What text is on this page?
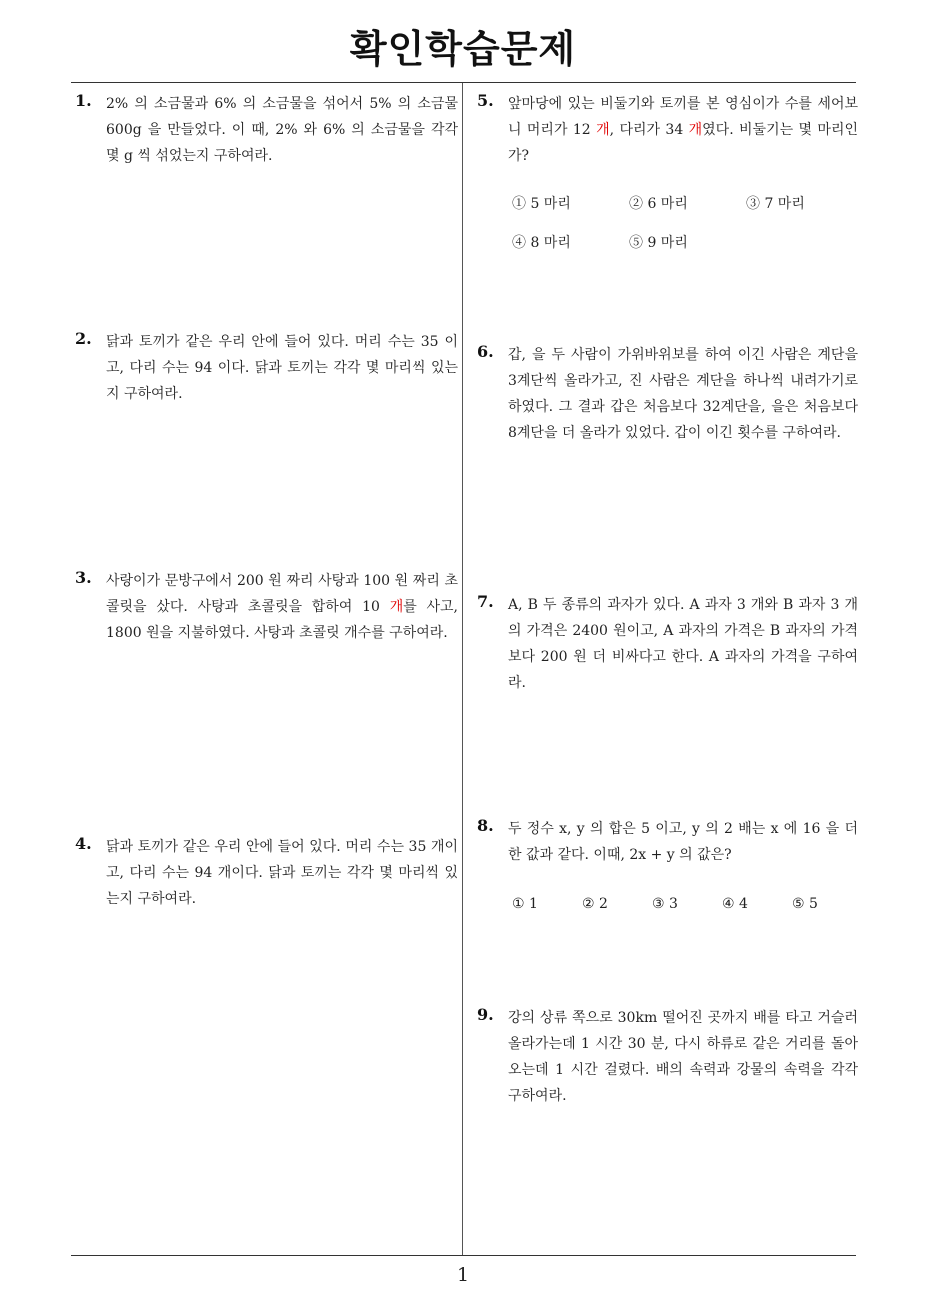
확인학습문제
1. 2% 의 소금물과 6% 의 소금물을 섞어서 5% 의 소금물 600g 을 만들었다. 이 때, 2% 와 6% 의 소금물을 각각 몇 g 씩 섞었는지 구하여라.
2. 닭과 토끼가 같은 우리 안에 들어 있다. 머리 수는 35 이고, 다리 수는 94 이다. 닭과 토끼는 각각 몇 마리씩 있는지 구하여라.
3. 사랑이가 문방구에서 200 원 짜리 사탕과 100 원 짜리 초콜릿을 샀다. 사탕과 초콜릿을 합하여 10 개를 사고, 1800 원을 지불하였다. 사탕과 초콜릿 개수를 구하여라.
4. 닭과 토끼가 같은 우리 안에 들어 있다. 머리 수는 35 개이고, 다리 수는 94 개이다. 닭과 토끼는 각각 몇 마리씩 있는지 구하여라.
5. 앞마당에 있는 비둘기와 토끼를 본 영심이가 수를 세어보니 머리가 12 개, 다리가 34 개였다. 비둘기는 몇 마리인가?
① 5 마리	② 6 마리	③ 7 마리
④ 8 마리	⑤ 9 마리
6. 갑, 을 두 사람이 가위바위보를 하여 이긴 사람은 계단을 3계단씩 올라가고, 진 사람은 계단을 하나씩 내려가기로 하였다. 그 결과 갑은 처음보다 32계단을, 을은 처음보다 8계단을 더 올라가 있었다. 갑이 이긴 횟수를 구하여라.
7. A, B 두 종류의 과자가 있다. A 과자 3 개와 B 과자 3 개의 가격은 2400 원이고, A 과자의 가격은 B 과자의 가격보다 200 원 더 비싸다고 한다. A 과자의 가격을 구하여라.
8. 두 정수 x, y 의 합은 5 이고, y 의 2 배는 x 에 16 을 더한 값과 같다. 이때, 2x + y 의 값은?
① 1	② 2	③ 3	④ 4	⑤ 5
9. 강의 상류 쪽으로 30km 떨어진 곳까지 배를 타고 거슬러 올라가는데 1 시간 30 분, 다시 하류로 같은 거리를 돌아오는데 1 시간 걸렸다. 배의 속력과 강물의 속력을 각각 구하여라.
1
